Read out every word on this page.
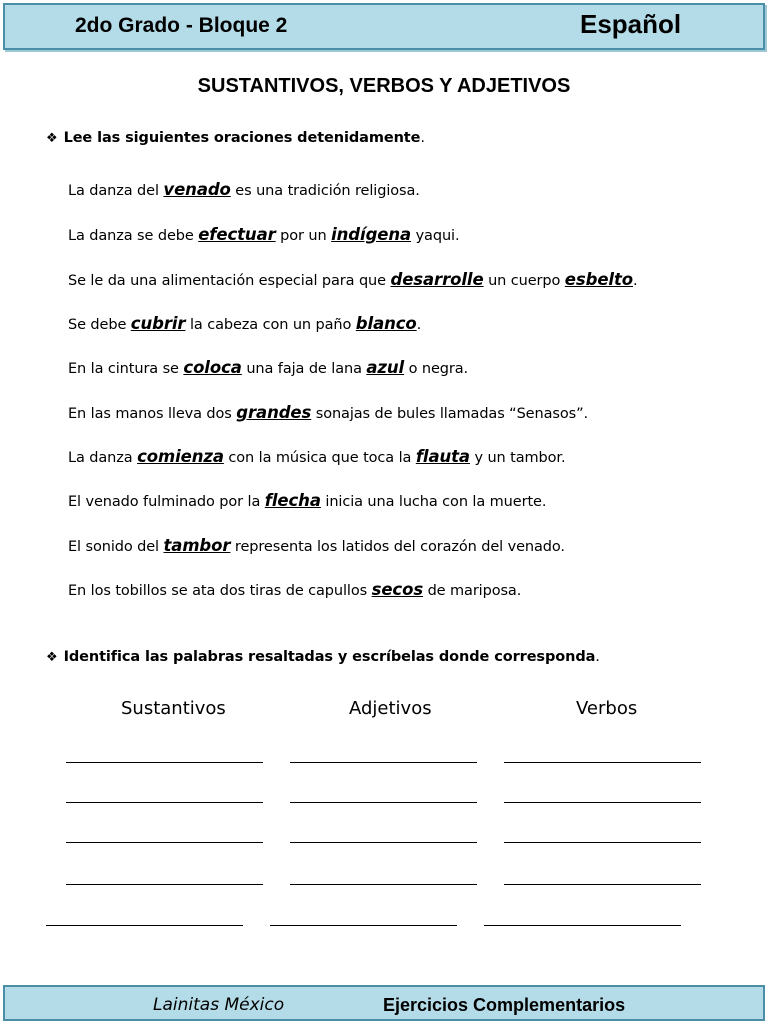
2do Grado - Bloque 2	Español
SUSTANTIVOS, VERBOS Y ADJETIVOS
❖ Lee las siguientes oraciones detenidamente.
La danza del venado es una tradición religiosa.
La danza se debe efectuar por un indígena yaqui.
Se le da una alimentación especial para que desarrolle un cuerpo esbelto.
Se debe cubrir la cabeza con un paño blanco.
En la cintura se coloca una faja de lana azul o negra.
En las manos lleva dos grandes sonajas de bules llamadas “Senasos”.
La danza comienza con la música que toca la flauta y un tambor.
El venado fulminado por la flecha inicia una lucha con la muerte.
El sonido del tambor representa los latidos del corazón del venado.
En los tobillos se ata dos tiras de capullos secos de mariposa.
❖ Identifica las palabras resaltadas y escríbelas donde corresponda.
Sustantivos	Adjetivos	Verbos
Lainitas México	Ejercicios Complementarios
